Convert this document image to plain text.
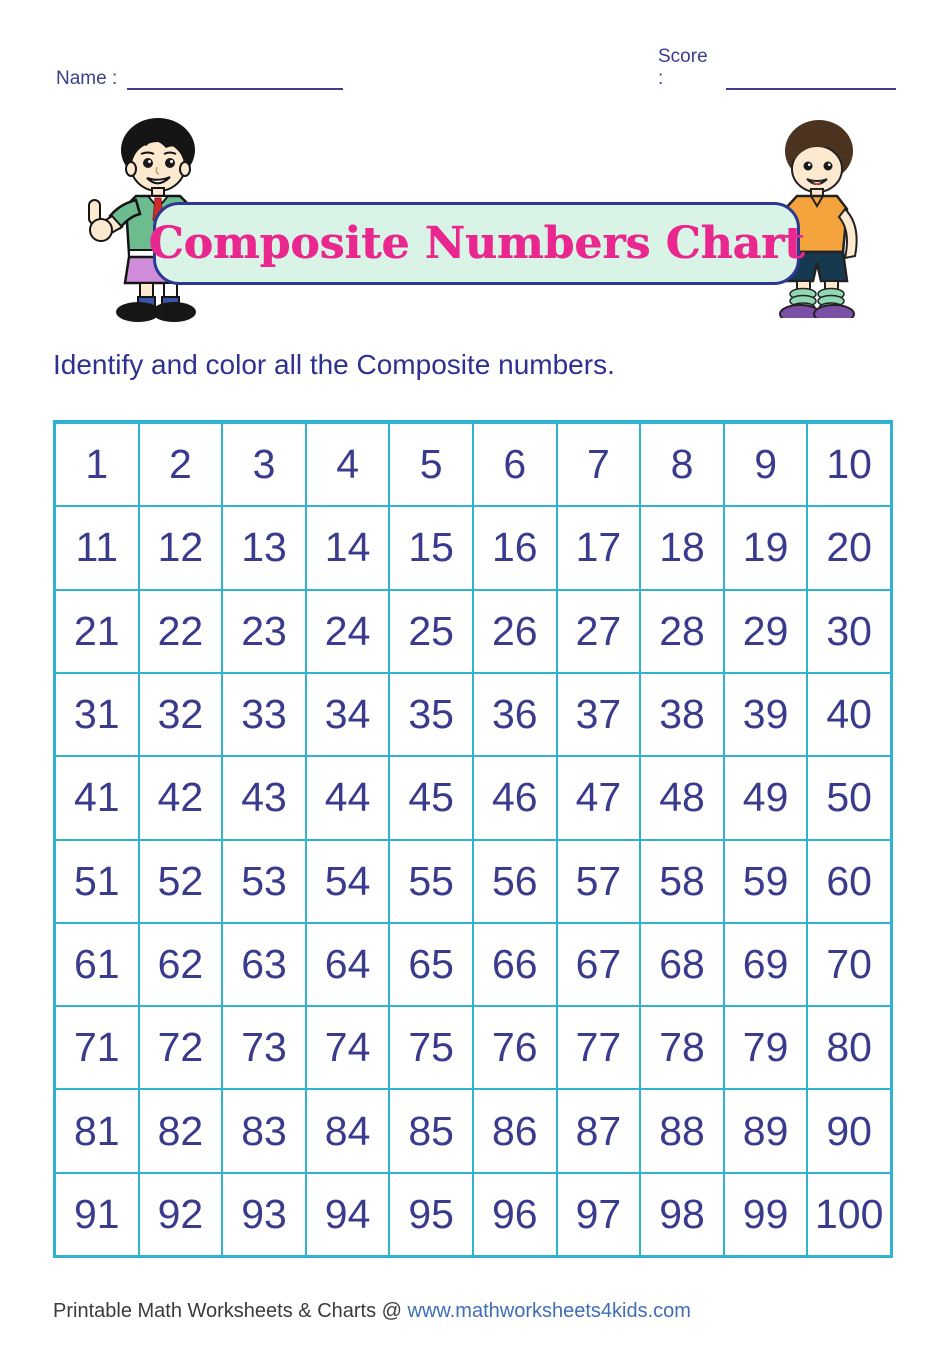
Name :
Score :
Composite Numbers Chart
Identify and color all the Composite numbers.
1	2	3	4	5	6	7	8	9	10
11 12 13 14 15 16 17 18 19 20
21 22 23 24 25 26 27 28 29 30
31 32 33 34 35 36 37 38 39 40
41 42 43 44 45 46 47 48 49 50
51 52 53 54 55 56 57 58 59 60
61 62 63 64 65 66 67 68 69 70
71 72 73 74 75 76 77 78 79 80
81 82 83 84 85 86 87 88 89 90
91 92 93 94 95 96 97 98 99 100
Printable Math Worksheets & Charts @ www.mathworksheets4kids.com
